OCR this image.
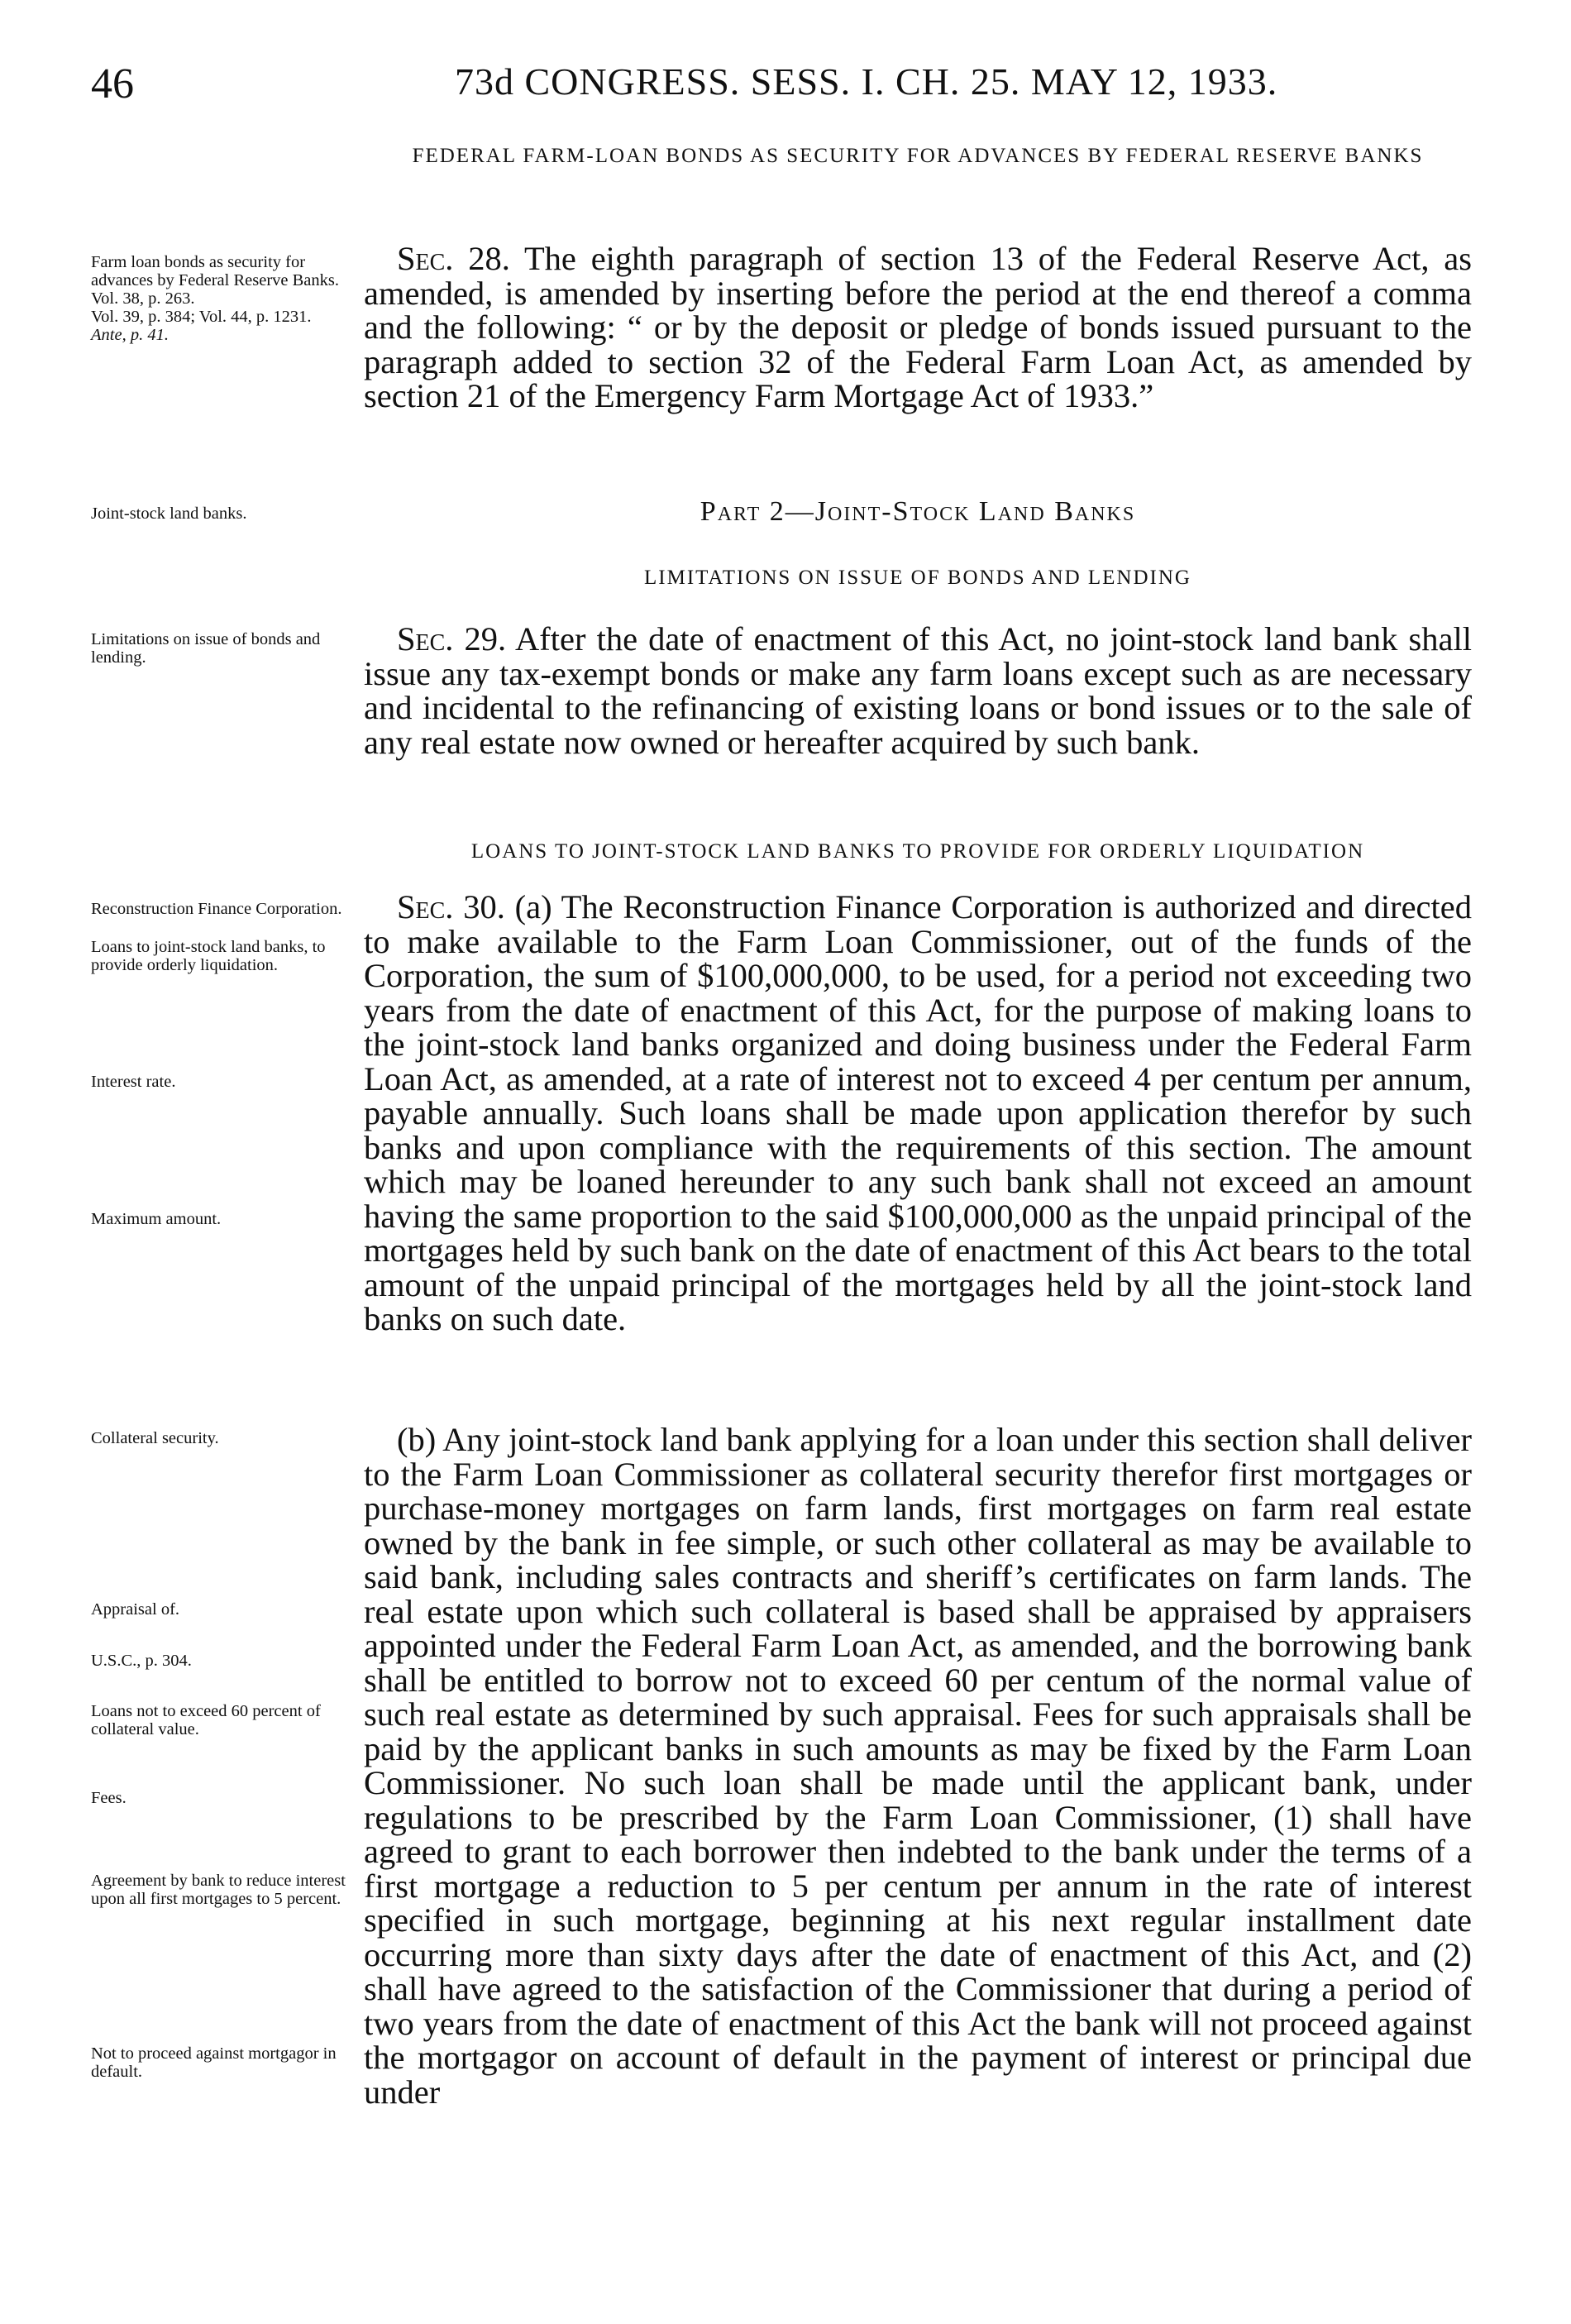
46	73d CONGRESS. SESS. I. CH. 25. MAY 12, 1933.
FEDERAL FARM-LOAN BONDS AS SECURITY FOR ADVANCES BY FEDERAL RESERVE BANKS

Sec. 28. The eighth paragraph of section 13 of the Federal Reserve Act, as amended, is amended by inserting before the period at the end thereof a comma and the following: “ or by the deposit or pledge of bonds issued pursuant to the paragraph added to section 32 of the Federal Farm Loan Act, as amended by section 21 of the Emergency Farm Mortgage Act of 1933.”

Farm loan bonds as security for advances by Federal Reserve Banks.
Vol. 38, p. 263.
Vol. 39, p. 384; Vol. 44, p. 1231.
Ante, p. 41.
Part 2—Joint-Stock Land Banks
Joint-stock land banks.
LIMITATIONS ON ISSUE OF BONDS AND LENDING

Sec. 29. After the date of enactment of this Act, no joint-stock land bank shall issue any tax-exempt bonds or make any farm loans except such as are necessary and incidental to the refinancing of existing loans or bond issues or to the sale of any real estate now owned or hereafter acquired by such bank.

Limitations on issue of bonds and lending.
LOANS TO JOINT-STOCK LAND BANKS TO PROVIDE FOR ORDERLY LIQUIDATION

Sec. 30. (a) The Reconstruction Finance Corporation is authorized and directed to make available to the Farm Loan Commissioner, out of the funds of the Corporation, the sum of $100,000,000, to be used, for a period not exceeding two years from the date of enactment of this Act, for the purpose of making loans to the joint-stock land banks organized and doing business under the Federal Farm Loan Act, as amended, at a rate of interest not to exceed 4 per centum per annum, payable annually. Such loans shall be made upon application therefor by such banks and upon compliance with the requirements of this section. The amount which may be loaned hereunder to any such bank shall not exceed an amount having the same proportion to the said $100,000,000 as the unpaid principal of the mortgages held by such bank on the date of enactment of this Act bears to the total amount of the unpaid principal of the mortgages held by all the joint-stock land banks on such date.

Reconstruction Finance Corporation.
Loans to joint-stock land banks, to provide orderly liquidation.
Interest rate.
Maximum amount.

(b) Any joint-stock land bank applying for a loan under this section shall deliver to the Farm Loan Commissioner as collateral security therefor first mortgages or purchase-money mortgages on farm lands, first mortgages on farm real estate owned by the bank in fee simple, or such other collateral as may be available to said bank, including sales contracts and sheriff’s certificates on farm lands. The real estate upon which such collateral is based shall be appraised by appraisers appointed under the Federal Farm Loan Act, as amended, and the borrowing bank shall be entitled to borrow not to exceed 60 per centum of the normal value of such real estate as determined by such appraisal. Fees for such appraisals shall be paid by the applicant banks in such amounts as may be fixed by the Farm Loan Commissioner. No such loan shall be made until the applicant bank, under regulations to be prescribed by the Farm Loan Commissioner, (1) shall have agreed to grant to each borrower then indebted to the bank under the terms of a first mortgage a reduction to 5 per centum per annum in the rate of interest specified in such mortgage, beginning at his next regular installment date occurring more than sixty days after the date of enactment of this Act, and (2) shall have agreed to the satisfaction of the Commissioner that during a period of two years from the date of enactment of this Act the bank will not proceed against the mortgagor on account of default in the payment of interest or principal due under

Collateral security.
Appraisal of.
U.S.C., p. 304.
Loans not to exceed 60 percent of collateral value.
Fees.
Agreement by bank to reduce interest upon all first mortgages to 5 percent.
Not to proceed against mortgagor in default.
